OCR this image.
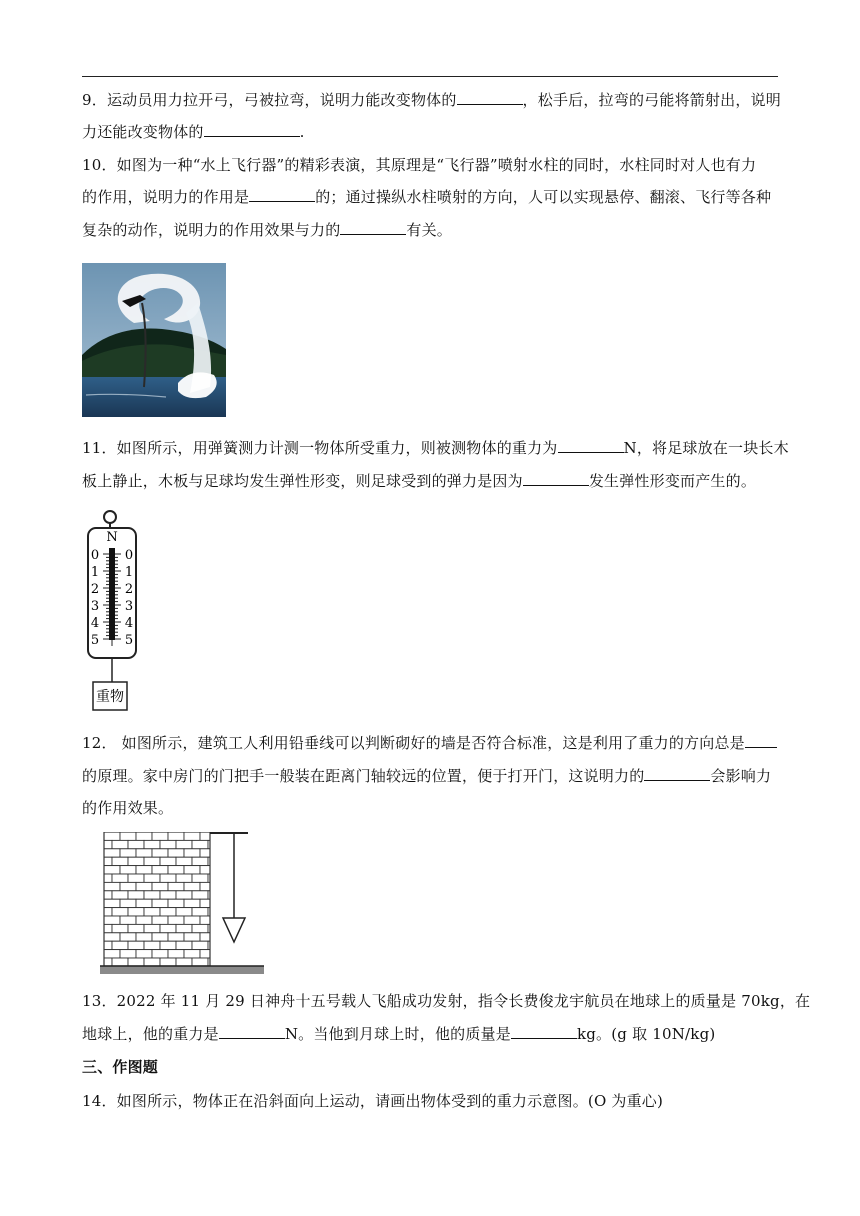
9．运动员用力拉开弓，弓被拉弯，说明力能改变物体的	，松手后，拉弯的弓能将箭射出，说明
力还能改变物体的	.
10．如图为一种“水上飞行器”的精彩表演，其原理是“飞行器”喷射水柱的同时，水柱同时对人也有力
的作用，说明力的作用是	的；通过操纵水柱喷射的方向，人可以实现悬停、翻滚、飞行等各种
复杂的动作，说明力的作用效果与力的	有关。
11．如图所示，用弹簧测力计测一物体所受重力，则被测物体的重力为	N，将足球放在一块长木
板上静止，木板与足球均发生弹性形变，则足球受到的弹力是因为	发生弹性形变而产生的。
N
0
1
2
3
4
5
0
1
2
3
4
5
重物
12． 如图所示，建筑工人利用铅垂线可以判断砌好的墙是否符合标准，这是利用了重力的方向总是
的原理。家中房门的门把手一般装在距离门轴较远的位置，便于打开门，这说明力的	会影响力
的作用效果。
13．2022 年 11 月 29 日神舟十五号载人飞船成功发射，指令长费俊龙宇航员在地球上的质量是 70kg，在
地球上，他的重力是	N。当他到月球上时，他的质量是	kg。(g 取 10N/kg)
三、作图题
14．如图所示，物体正在沿斜面向上运动，请画出物体受到的重力示意图。(O 为重心)
